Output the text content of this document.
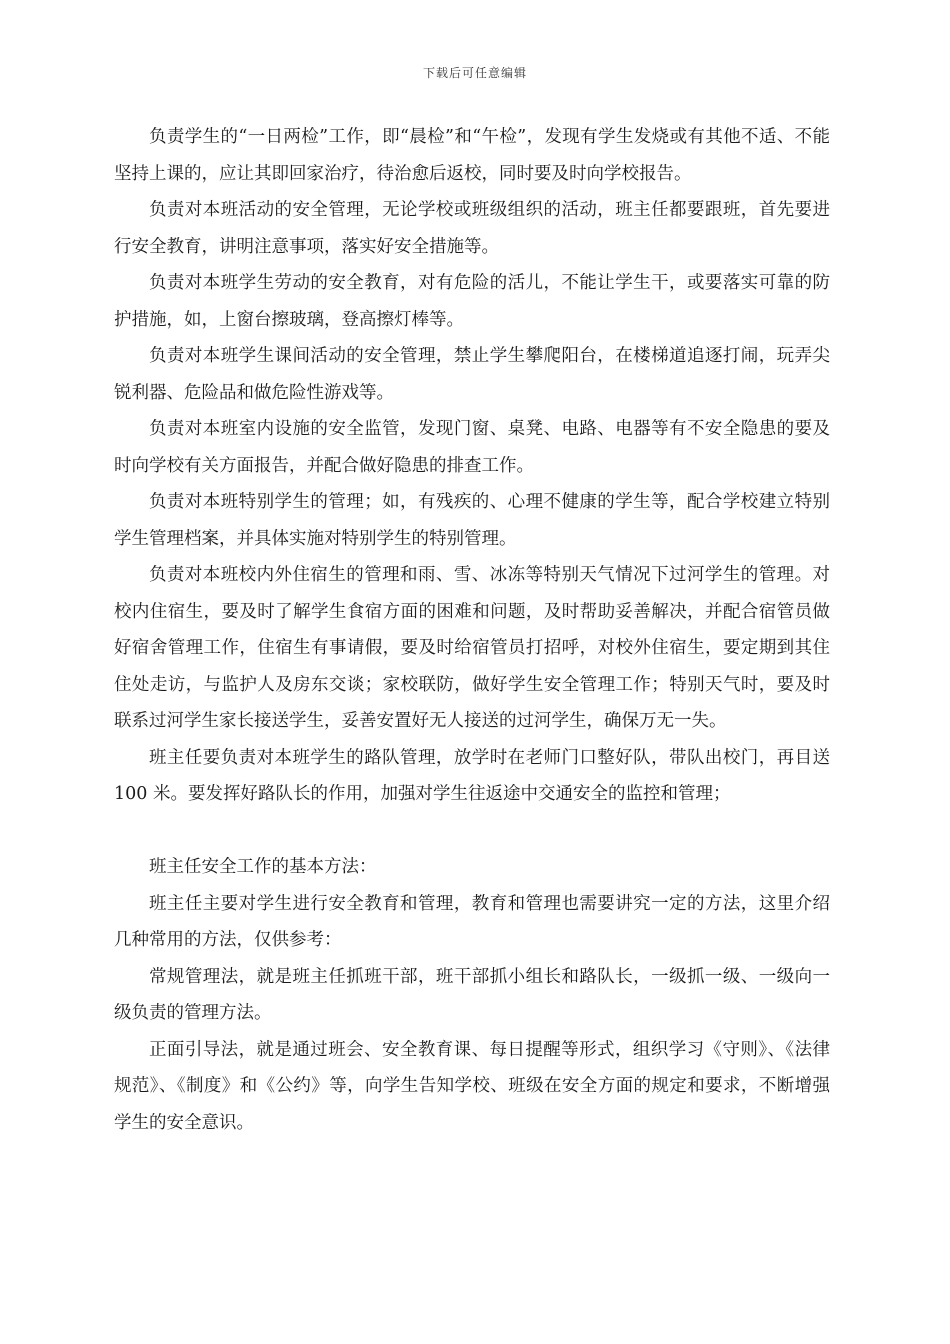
下载后可任意编辑

负责学生的“一日两检”工作，即“晨检”和“午检”，发现有学生发烧或有其他不适、不能坚持上课的，应让其即回家治疗，待治愈后返校，同时要及时向学校报告。

负责对本班活动的安全管理，无论学校或班级组织的活动，班主任都要跟班，首先要进行安全教育，讲明注意事项，落实好安全措施等。

负责对本班学生劳动的安全教育，对有危险的活儿，不能让学生干，或要落实可靠的防护措施，如，上窗台擦玻璃，登高擦灯棒等。

负责对本班学生课间活动的安全管理，禁止学生攀爬阳台，在楼梯道追逐打闹，玩弄尖锐利器、危险品和做危险性游戏等。

负责对本班室内设施的安全监管，发现门窗、桌凳、电路、电器等有不安全隐患的要及时向学校有关方面报告，并配合做好隐患的排查工作。

负责对本班特别学生的管理；如，有残疾的、心理不健康的学生等，配合学校建立特别学生管理档案，并具体实施对特别学生的特别管理。

负责对本班校内外住宿生的管理和雨、雪、冰冻等特别天气情况下过河学生的管理。对校内住宿生，要及时了解学生食宿方面的困难和问题，及时帮助妥善解决，并配合宿管员做好宿舍管理工作，住宿生有事请假，要及时给宿管员打招呼，对校外住宿生，要定期到其住住处走访，与监护人及房东交谈；家校联防，做好学生安全管理工作；特别天气时，要及时联系过河学生家长接送学生，妥善安置好无人接送的过河学生，确保万无一失。

班主任要负责对本班学生的路队管理，放学时在老师门口整好队，带队出校门，再目送 100 米。要发挥好路队长的作用，加强对学生往返途中交通安全的监控和管理；

班主任安全工作的基本方法：

班主任主要对学生进行安全教育和管理，教育和管理也需要讲究一定的方法，这里介绍几种常用的方法，仅供参考：

常规管理法，就是班主任抓班干部，班干部抓小组长和路队长，一级抓一级、一级向一级负责的管理方法。

正面引导法，就是通过班会、安全教育课、每日提醒等形式，组织学习《守则》、《法律规范》、《制度》和《公约》等，向学生告知学校、班级在安全方面的规定和要求，不断增强学生的安全意识。
